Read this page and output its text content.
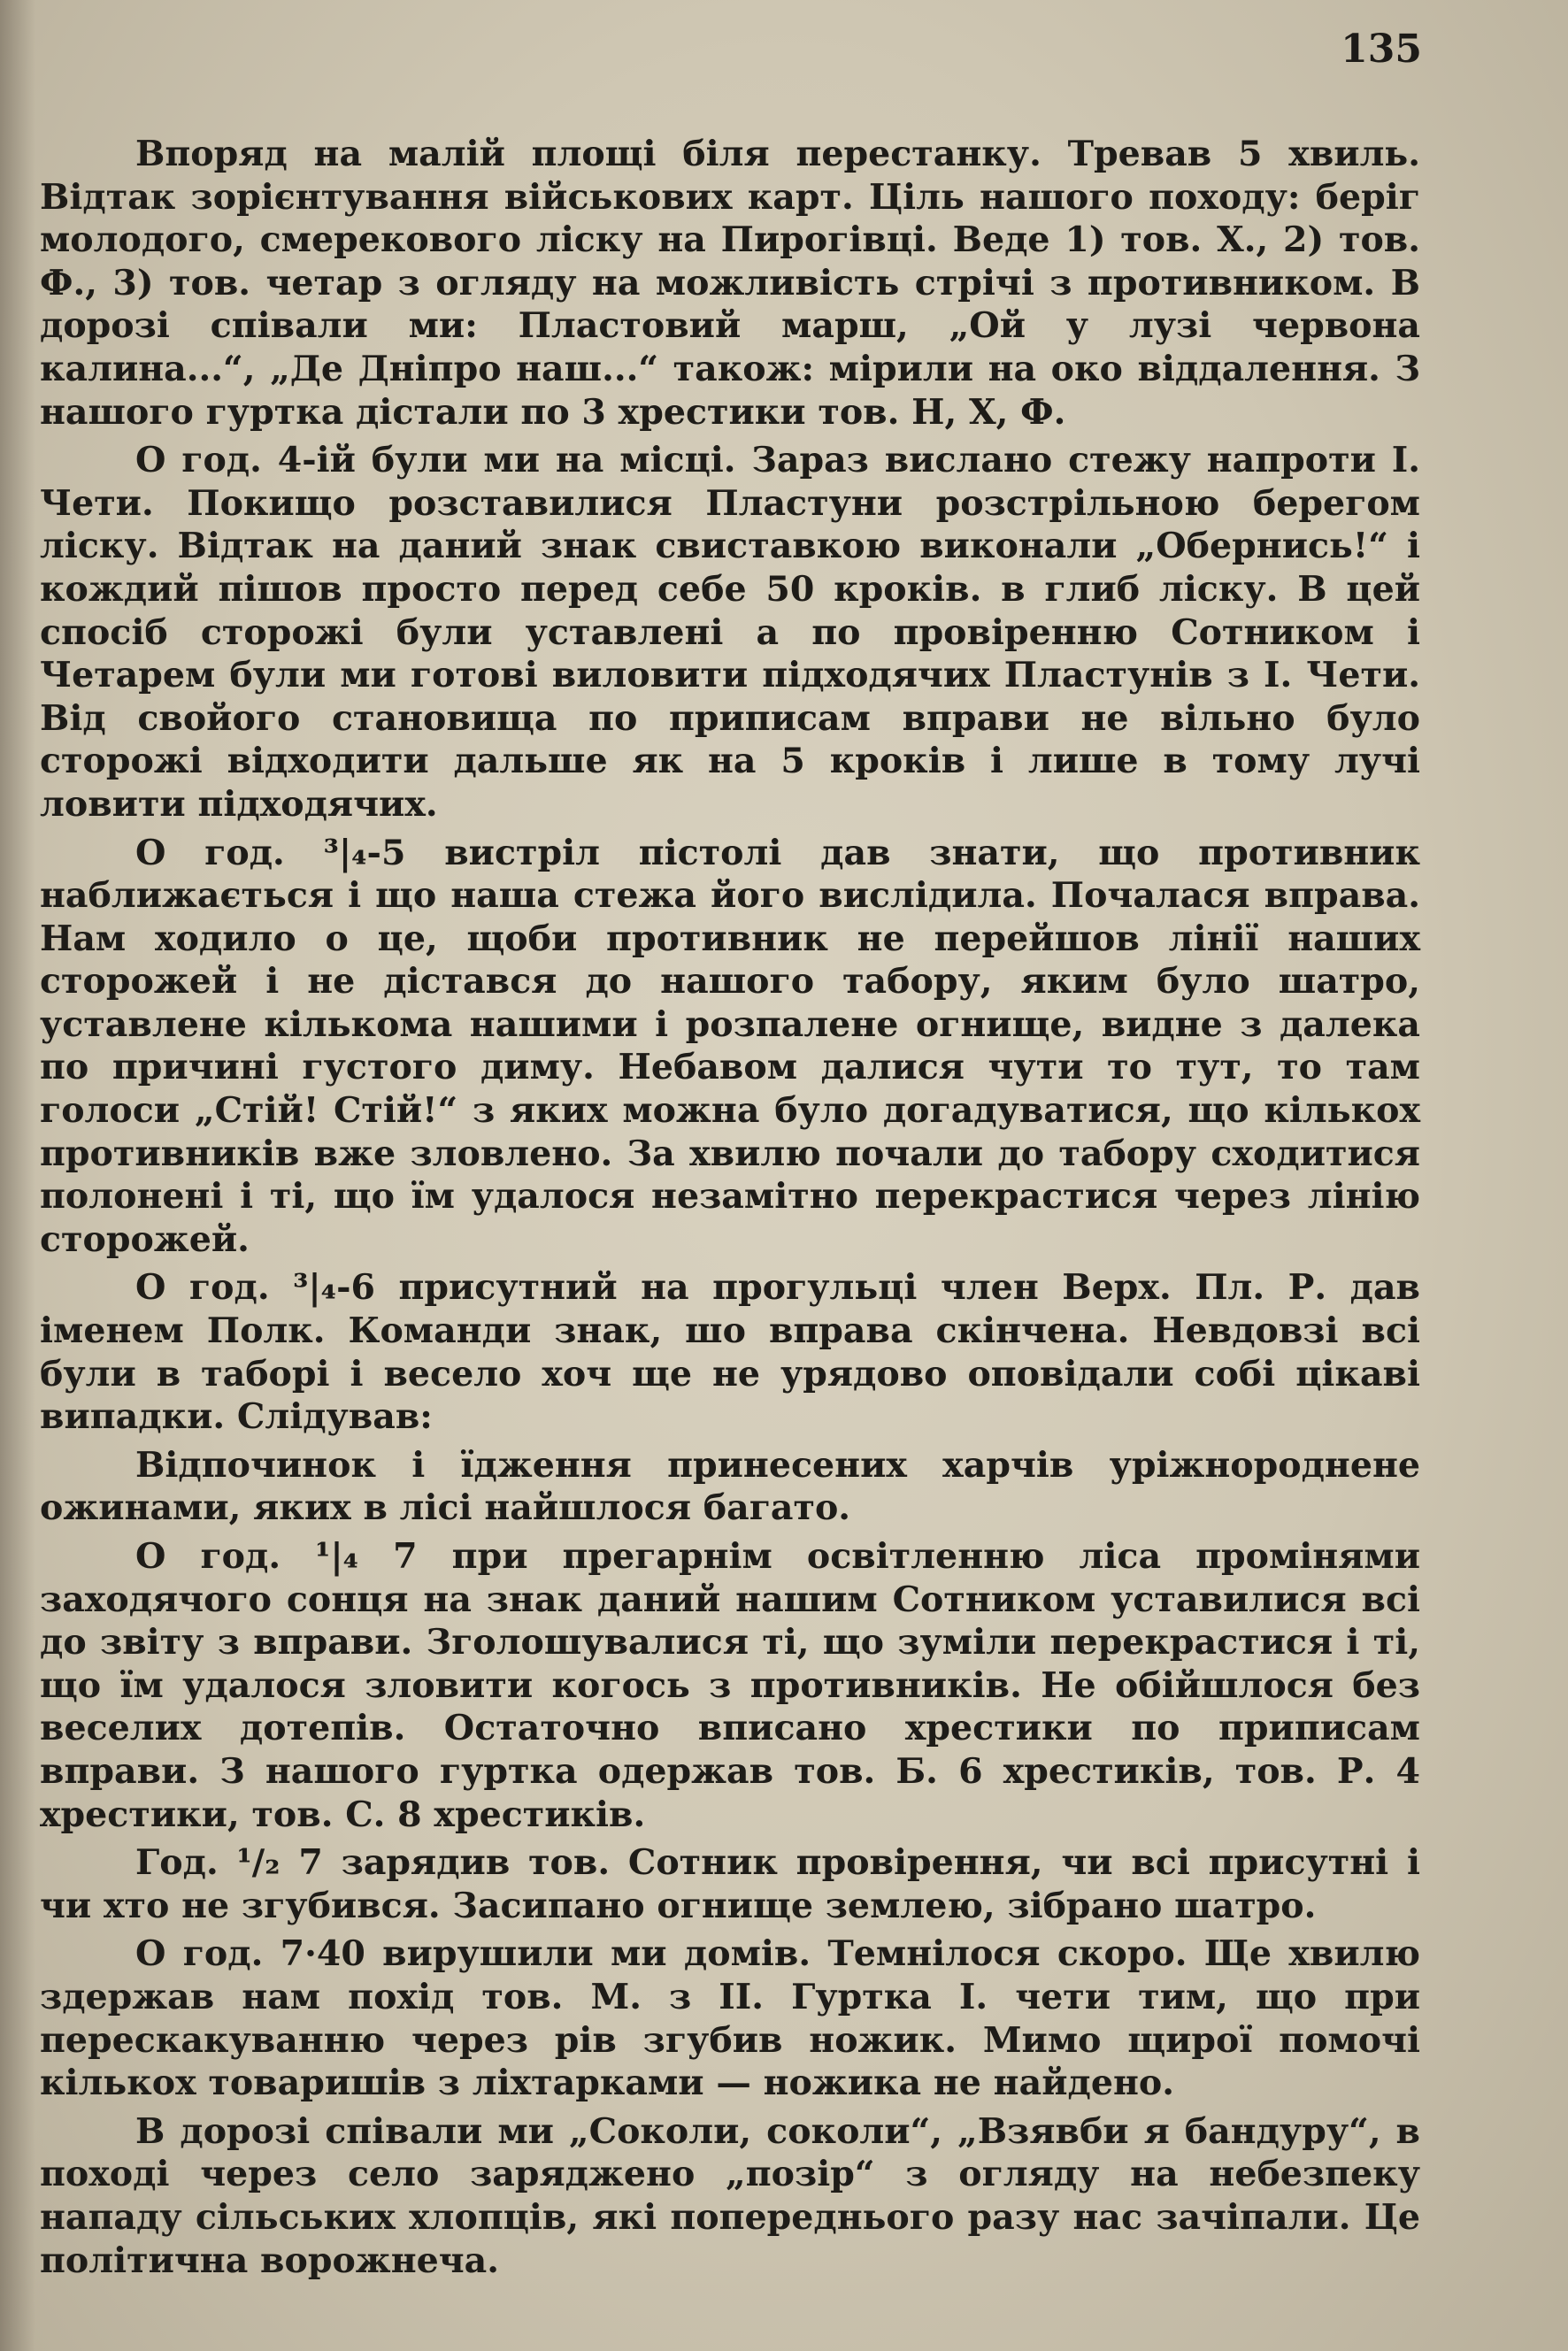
135

Впоряд на малій площі біля перестанку. Тревав 5 хвиль. Відтак зорієнтування військових карт. Ціль нашого походу: беріг молодого, смерекового ліску на Пирогівці. Веде 1) тов. Х., 2) тов. Ф., 3) тов. четар з огляду на можливість стрічі з противником. В дорозі співали ми: Пластовий марш, „Ой у лузі червона калина...“, „Де Дніпро наш...“ також: мірили на око віддалення. З нашого гуртка дістали по 3 хрестики тов. Н, Х, Ф.

О год. 4-ій були ми на місці. Зараз вислано стежу напроти І. Чети. Покищо розставилися Пластуни розстрільною берегом ліску. Відтак на даний знак свиставкою виконали „Обернись!“ і кождий пішов просто перед себе 50 кроків. в глиб ліску. В цей спосіб сторожі були уставлені а по провіренню Сотником і Четарем були ми готові виловити підходячих Пластунів з І. Чети. Від свойого становища по приписам вправи не вільно було сторожі відходити дальше як на 5 кроків і лише в тому лучі ловити підходячих.

О год. ³|₄-5 вистріл пістолі дав знати, що противник наближається і що наша стежа його вислідила. Почалася вправа. Нам ходило о це, щоби противник не перейшов лінії наших сторожей і не дістався до нашого табору, яким було шатро, уставлене кількома нашими і розпалене огнище, видне з далека по причині густого диму. Небавом далися чути то тут, то там голоси „Стій! Стій!“ з яких можна було догадуватися, що кількох противників вже зловлено. За хвилю почали до табору сходитися полонені і ті, що їм удалося незамітно перекрастися через лінію сторожей.

О год. ³|₄-6 присутний на прогульці член Верх. Пл. Р. дав іменем Полк. Команди знак, шо вправа скінчена. Невдовзі всі були в таборі і весело хоч ще не урядово оповідали собі цікаві випадки. Слідував:

Відпочинок і їдження принесених харчів уріжнороднене ожинами, яких в лісі найшлося багато.

О год. ¹|₄ 7 при прегарнім освітленню ліса промінями заходячого сонця на знак даний нашим Сотником уставилися всі до звіту з вправи. Зголошувалися ті, що зуміли перекрастися і ті, що їм удалося зловити когось з противників. Не обійшлося без веселих дотепів. Остаточно вписано хрестики по приписам вправи. З нашого гуртка одержав тов. Б. 6 хрестиків, тов. Р. 4 хрестики, тов. С. 8 хрестиків.

Год. ¹/₂ 7 зарядив тов. Сотник провірення, чи всі присутні і чи хто не згубився. Засипано огнище землею, зібрано шатро.

О год. 7·40 вирушили ми домів. Темнілося скоро. Ще хвилю здержав нам похід тов. М. з ІІ. Гуртка І. чети тим, що при перескакуванню через рів згубив ножик. Мимо щирої помочі кількох товаришів з ліхтарками — ножика не найдено.

В дорозі співали ми „Соколи, соколи“, „Взявби я бандуру“, в поході через село заряджено „позір“ з огляду на небезпеку нападу сільських хлопців, які попереднього разу нас зачіпали. Це політична ворожнеча.
